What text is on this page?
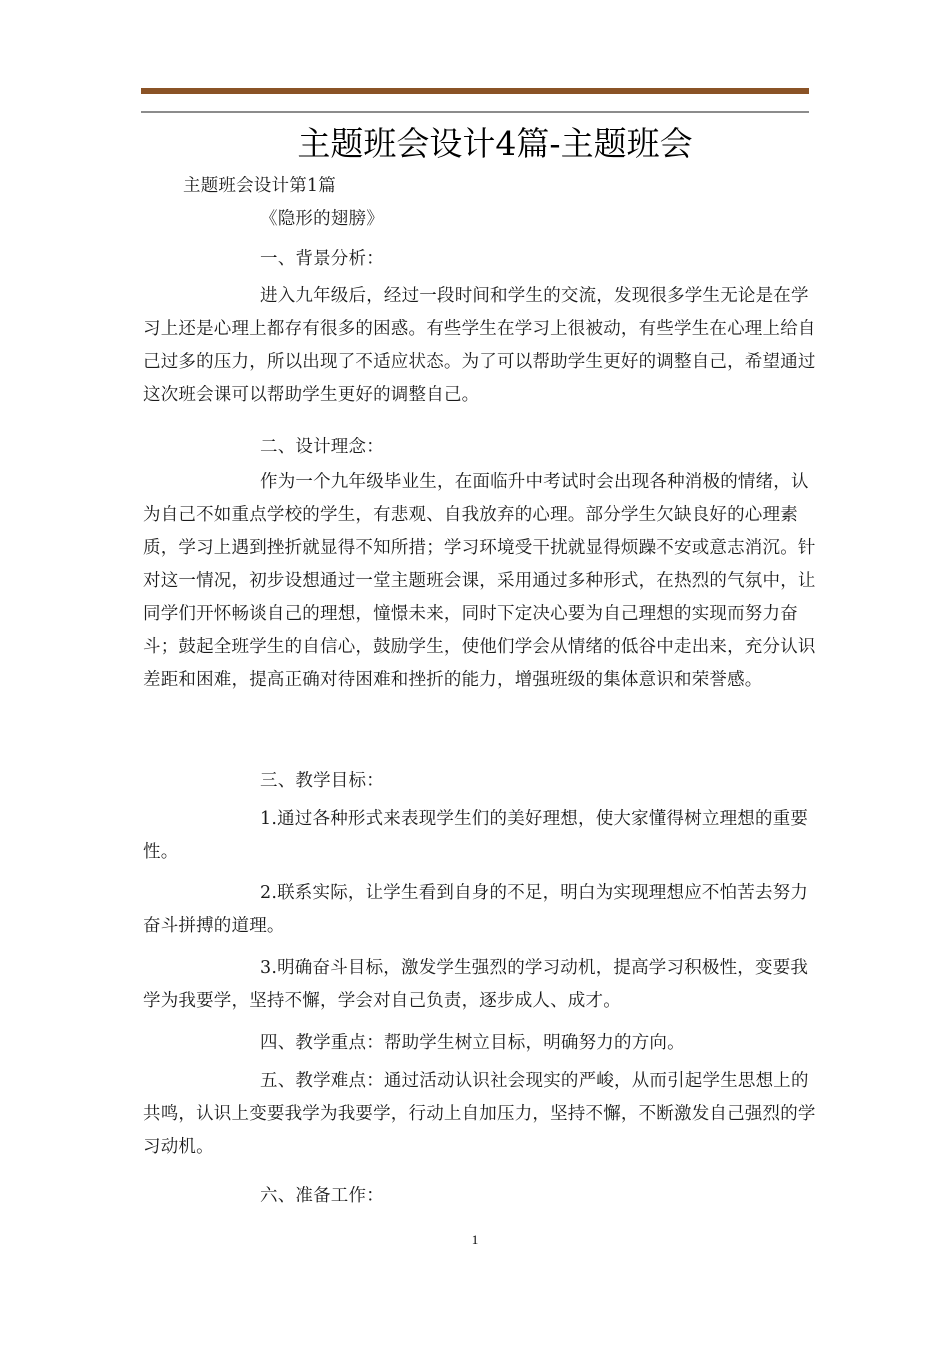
主题班会设计4篇-主题班会

主题班会设计第1篇

《隐形的翅膀》

一、背景分析：

进入九年级后，经过一段时间和学生的交流，发现很多学生无论是在学习上还是心理上都存有很多的困惑。有些学生在学习上很被动，有些学生在心理上给自己过多的压力，所以出现了不适应状态。为了可以帮助学生更好的调整自己，希望通过这次班会课可以帮助学生更好的调整自己。

二、设计理念：

作为一个九年级毕业生，在面临升中考试时会出现各种消极的情绪，认为自己不如重点学校的学生，有悲观、自我放弃的心理。部分学生欠缺良好的心理素质，学习上遇到挫折就显得不知所措；学习环境受干扰就显得烦躁不安或意志消沉。针对这一情况，初步设想通过一堂主题班会课，采用通过多种形式，在热烈的气氛中，让同学们开怀畅谈自己的理想，憧憬未来，同时下定决心要为自己理想的实现而努力奋斗；鼓起全班学生的自信心，鼓励学生，使他们学会从情绪的低谷中走出来，充分认识差距和困难，提高正确对待困难和挫折的能力，增强班级的集体意识和荣誉感。

三、教学目标：

1.通过各种形式来表现学生们的美好理想，使大家懂得树立理想的重要性。

2.联系实际，让学生看到自身的不足，明白为实现理想应不怕苦去努力奋斗拼搏的道理。

3.明确奋斗目标，激发学生强烈的学习动机，提高学习积极性，变要我学为我要学，坚持不懈，学会对自己负责，逐步成人、成才。

四、教学重点：帮助学生树立目标，明确努力的方向。

五、教学难点：通过活动认识社会现实的严峻，从而引起学生思想上的共鸣，认识上变要我学为我要学，行动上自加压力，坚持不懈，不断激发自己强烈的学习动机。

六、准备工作：

1
